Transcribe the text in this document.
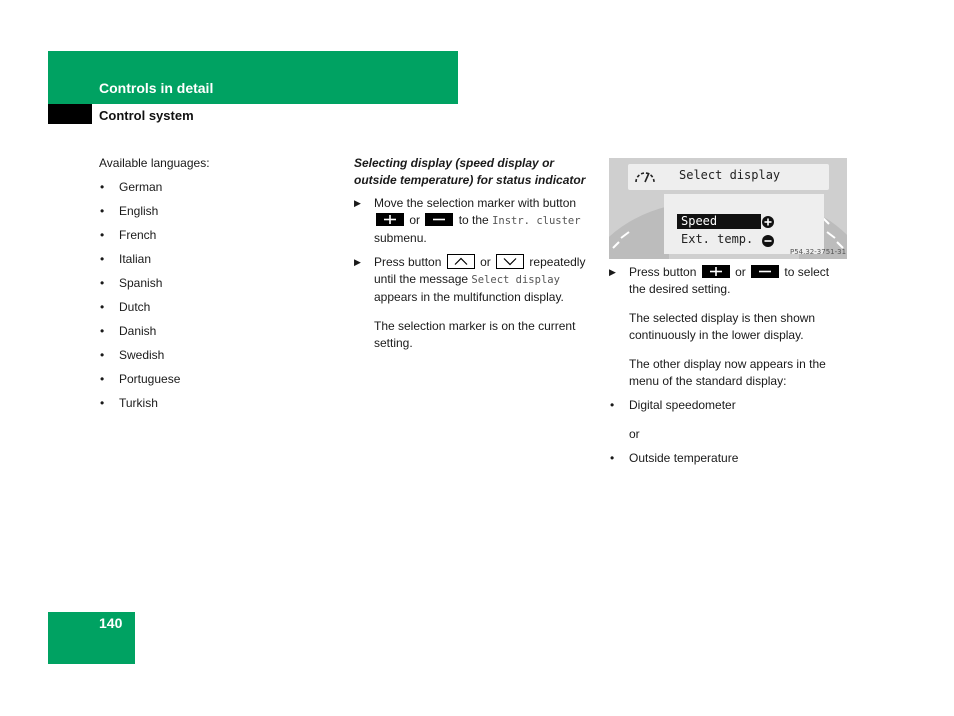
Controls in detail
Control system

Available languages:

• German
• English
• French
• Italian
• Spanish
• Dutch
• Danish
• Swedish
• Portuguese
• Turkish

Selecting display (speed display or outside temperature) for status indicator

▶ Move the selection marker with button
or	to the Instr. cluster submenu.
▶ Press button	or	repeatedly until the message Select display appears in the multifunction display.

The selection marker is on the current setting.

Select display
Speed
Ext. temp.
P54.32-3751-31
▶ Press button	or	to select the desired setting.

The selected display is then shown continuously in the lower display.

The other display now appears in the menu of the standard display:

• Digital speedometer

or

• Outside temperature
140
